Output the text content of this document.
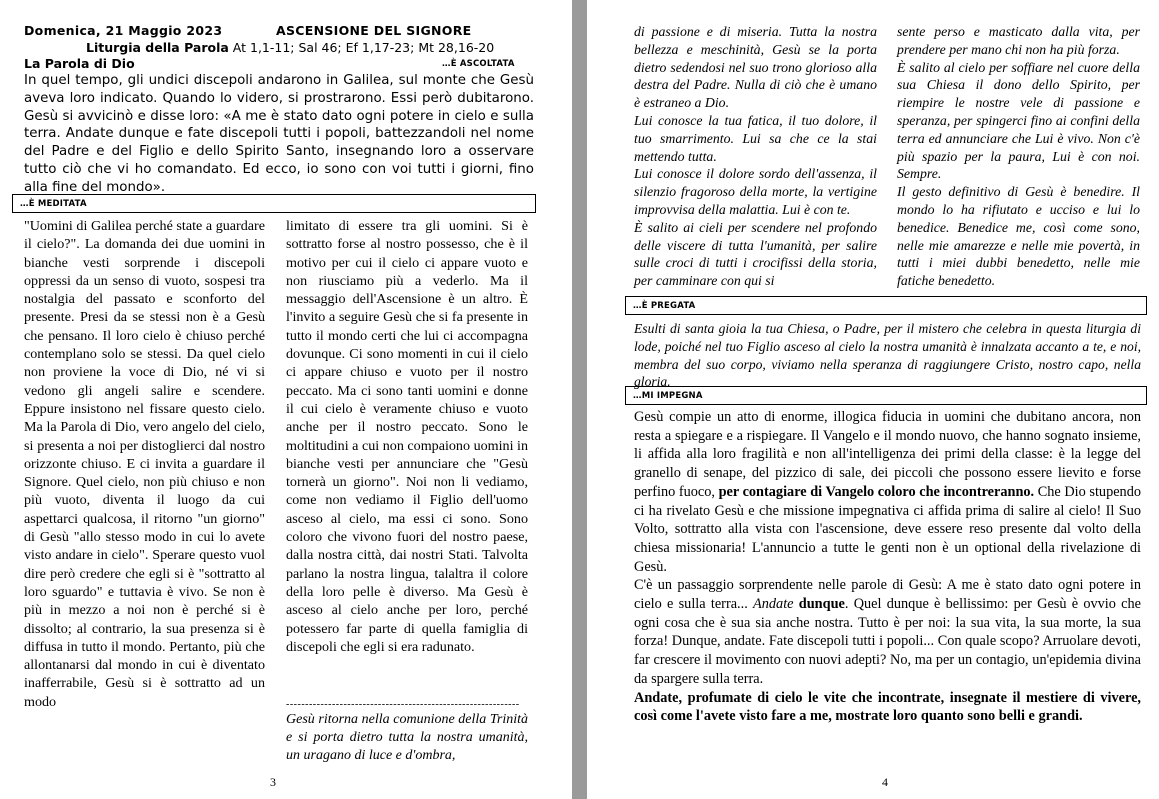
Domenica, 21 Maggio 2023	ASCENSIONE DEL SIGNORE
Liturgia della Parola At 1,1-11; Sal 46; Ef 1,17-23; Mt 28,16-20
La Parola di Dio	…È ASCOLTATA
In quel tempo, gli undici discepoli andarono in Galilea, sul monte che Gesù aveva loro indicato. Quando lo videro, si prostrarono. Essi però dubitarono. Gesù si avvicinò e disse loro: «A me è stato dato ogni potere in cielo e sulla terra. Andate dunque e fate discepoli tutti i popoli, battezzandoli nel nome del Padre e del Figlio e dello Spirito Santo, insegnando loro a osservare tutto ciò che vi ho comandato. Ed ecco, io sono con voi tutti i giorni, fino alla fine del mondo».
…È MEDITATA
"Uomini di Galilea perché state a guardare il cielo?". La domanda dei due uomini in bianche vesti sorprende i discepoli oppressi da un senso di vuoto, sospesi tra nostalgia del passato e sconforto del presente. Presi da se stessi non è a Gesù che pensano. Il loro cielo è chiuso perché contemplano solo se stessi. Da quel cielo non proviene la voce di Dio, né vi si vedono gli angeli salire e scendere. Eppure insistono nel fissare questo cielo. Ma la Parola di Dio, vero angelo del cielo, si presenta a noi per distoglierci dal nostro orizzonte chiuso. E ci invita a guardare il Signore. Quel cielo, non più chiuso e non più vuoto, diventa il luogo da cui aspettarci qualcosa, il ritorno "un giorno" di Gesù "allo stesso modo in cui lo avete visto andare in cielo". Sperare questo vuol dire però credere che egli si è "sottratto al loro sguardo" e tuttavia è vivo. Se non è più in mezzo a noi non è perché si è dissolto; al contrario, la sua presenza si è diffusa in tutto il mondo. Pertanto, più che allontanarsi dal mondo in cui è diventato inafferrabile, Gesù si è sottratto ad un modo
limitato di essere tra gli uomini. Si è sottratto forse al nostro possesso, che è il motivo per cui il cielo ci appare vuoto e non riusciamo più a vederlo. Ma il messaggio dell'Ascensione è un altro. È l'invito a seguire Gesù che si fa presente in tutto il mondo certi che lui ci accompagna dovunque. Ci sono momenti in cui il cielo ci appare chiuso e vuoto per il nostro peccato. Ma ci sono tanti uomini e donne il cui cielo è veramente chiuso e vuoto anche per il nostro peccato. Sono le moltitudini a cui non compaiono uomini in bianche vesti per annunciare che "Gesù tornerà un giorno". Noi non li vediamo, come non vediamo il Figlio dell'uomo asceso al cielo, ma essi ci sono. Sono coloro che vivono fuori del nostro paese, dalla nostra città, dai nostri Stati. Talvolta parlano la nostra lingua, talaltra il colore della loro pelle è diverso. Ma Gesù è asceso al cielo anche per loro, perché potessero far parte di quella famiglia di discepoli che egli si era radunato.
-------------------------------------------------------------
Gesù ritorna nella comunione della Trinità e si porta dietro tutta la nostra umanità, un uragano di luce e d'ombra,
3
di passione e di miseria. Tutta la nostra bellezza e meschinità, Gesù se la porta dietro sedendosi nel suo trono glorioso alla destra del Padre. Nulla di ciò che è umano è estraneo a Dio.
Lui conosce la tua fatica, il tuo dolore, il tuo smarrimento. Lui sa che ce la stai mettendo tutta.
Lui conosce il dolore sordo dell'assenza, il silenzio fragoroso della morte, la vertigine improvvisa della malattia. Lui è con te.
È salito ai cieli per scendere nel profondo delle viscere di tutta l'umanità, per salire sulle croci di tutti i crocifissi della storia, per camminare con qui si
sente perso e masticato dalla vita, per prendere per mano chi non ha più forza.
È salito al cielo per soffiare nel cuore della sua Chiesa il dono dello Spirito, per riempire le nostre vele di passione e speranza, per spingerci fino ai confini della terra ed annunciare che Lui è vivo. Non c'è più spazio per la paura, Lui è con noi. Sempre.
Il gesto definitivo di Gesù è benedire. Il mondo lo ha rifiutato e ucciso e lui lo benedice. Benedice me, così come sono, nelle mie amarezze e nelle mie povertà, in tutti i miei dubbi benedetto, nelle mie fatiche benedetto.
…È PREGATA
Esulti di santa gioia la tua Chiesa, o Padre, per il mistero che celebra in questa liturgia di lode, poiché nel tuo Figlio asceso al cielo la nostra umanità è innalzata accanto a te, e noi, membra del suo corpo, viviamo nella speranza di raggiungere Cristo, nostro capo, nella gloria.
…MI IMPEGNA

Gesù compie un atto di enorme, illogica fiducia in uomini che dubitano ancora, non resta a spiegare e a rispiegare. Il Vangelo e il mondo nuovo, che hanno sognato insieme, li affida alla loro fragilità e non all'intelligenza dei primi della classe: è la legge del granello di senape, del pizzico di sale, dei piccoli che possono essere lievito e forse perfino fuoco, per contagiare di Vangelo coloro che incontreranno. Che Dio stupendo ci ha rivelato Gesù e che missione impegnativa ci affida prima di salire al cielo! Il Suo Volto, sottratto alla vista con l'ascensione, deve essere reso presente dal volto della chiesa missionaria! L'annuncio a tutte le genti non è un optional della rivelazione di Gesù.

C'è un passaggio sorprendente nelle parole di Gesù: A me è stato dato ogni potere in cielo e sulla terra... Andate dunque. Quel dunque è bellissimo: per Gesù è ovvio che ogni cosa che è sua sia anche nostra. Tutto è per noi: la sua vita, la sua morte, la sua forza! Dunque, andate. Fate discepoli tutti i popoli... Con quale scopo? Arruolare devoti, far crescere il movimento con nuovi adepti? No, ma per un contagio, un'epidemia divina da spargere sulla terra.

Andate, profumate di cielo le vite che incontrate, insegnate il mestiere di vivere, così come l'avete visto fare a me, mostrate loro quanto sono belli e grandi.

4
